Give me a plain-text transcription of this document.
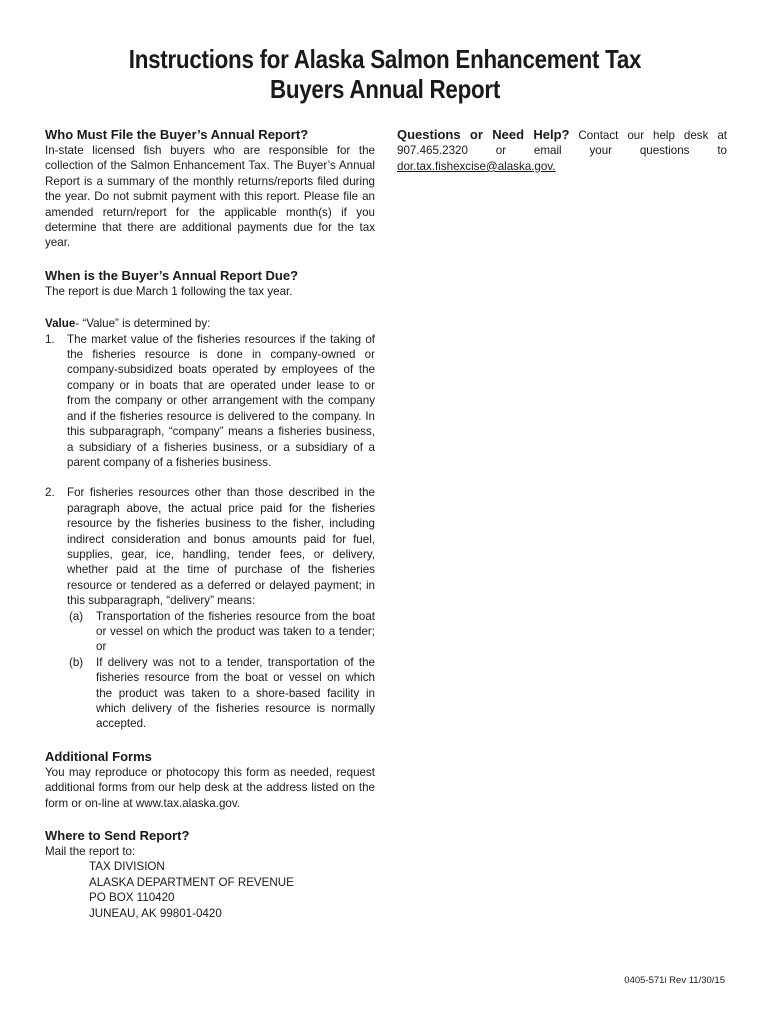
Instructions for Alaska Salmon Enhancement Tax
Buyers Annual Report

Who Must File the Buyer’s Annual Report?

In-state licensed fish buyers who are responsible for the collection of the Salmon Enhancement Tax. The Buyer’s Annual Report is a summary of the monthly returns/reports filed during the year. Do not submit payment with this report. Please file an amended return/report for the applicable month(s) if you determine that there are additional payments due for the tax year.

When is the Buyer’s Annual Report Due?

The report is due March 1 following the tax year.

Value- “Value” is determined by:

1.	The market value of the fisheries resources if the taking of the fisheries resource is done in company-owned or company-subsidized boats operated by employees of the company or in boats that are operated under lease to or from the company or other arrangement with the company and if the fisheries resource is delivered to the company. In this subparagraph, “company” means a fisheries business, a subsidiary of a fisheries business, or a subsidiary of a parent company of a fisheries business.
2.	For fisheries resources other than those described in the paragraph above, the actual price paid for the fisheries resource by the fisheries business to the fisher, including indirect consideration and bonus amounts paid for fuel, supplies, gear, ice, handling, tender fees, or delivery, whether paid at the time of purchase of the fisheries resource or tendered as a deferred or delayed payment; in this subparagraph, “delivery” means:
(a)	Transportation of the fisheries resource from the boat or vessel on which the product was taken to a tender; or
(b)	If delivery was not to a tender, transportation of the fisheries resource from the boat or vessel on which the product was taken to a shore-based facility in which delivery of the fisheries resource is normally accepted.

Additional Forms

You may reproduce or photocopy this form as needed, request additional forms from our help desk at the address listed on the form or on-line at www.tax.alaska.gov.

Where to Send Report?

Mail the report to:

TAX DIVISION
ALASKA DEPARTMENT OF REVENUE
PO BOX 110420
JUNEAU, AK 99801-0420

Questions or Need Help? Contact our help desk at 907.465.2320 or email your questions to dor.tax.fishexcise@alaska.gov.

0405-571i Rev 11/30/15
